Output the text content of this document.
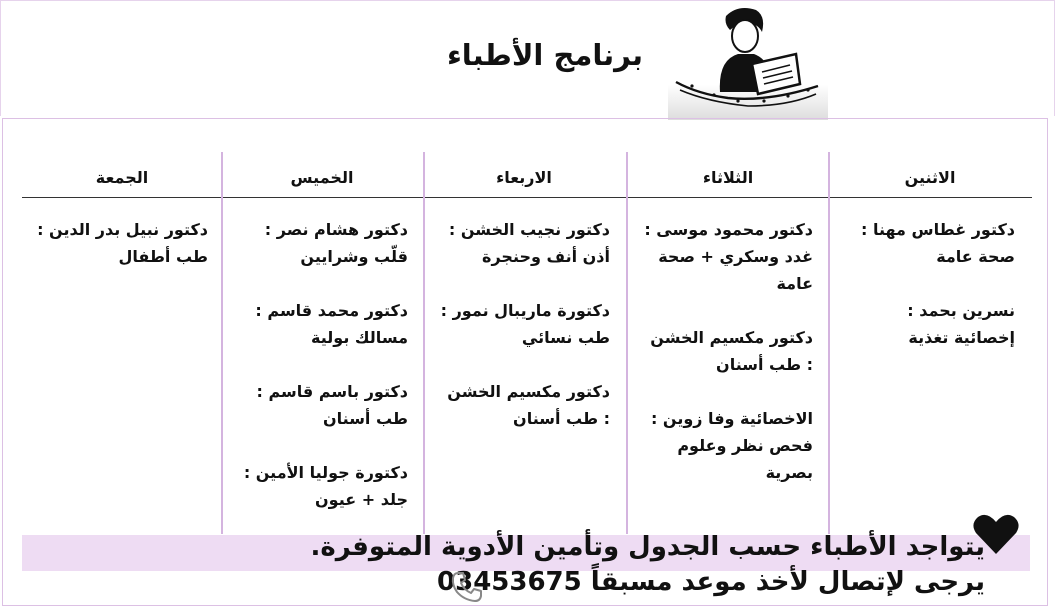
برنامج الأطباء
الاثنين
الثلاثاء
الاربعاء
الخميس
الجمعة
دكتور غطاس مهنا : صحة عامة
نسرين بحمد : إخصائية تغذية
دكتور محمود موسى : غدد وسكري + صحة عامة
دكتور مكسيم الخشن : طب أسنان
الاخصائية وفا زوين : فحص نظر وعلوم بصرية
دكتور نجيب الخشن : أذن أنف وحنجرة
دكتورة ماريبال نمور : طب نسائي
دكتور مكسيم الخشن : طب أسنان
دكتور هشام نصر : قلّب وشرايين
دكتور محمد قاسم : مسالك بولية
دكتور باسم قاسم : طب أسنان
دكتورة جوليا الأمين : جلد + عيون
دكتور نبيل بدر الدين : طب أطفال
يتواجد الأطباء حسب الجدول وتأمين الأدوية المتوفرة.
يرجى لإتصال لأخذ موعد مسبقاً 03453675
